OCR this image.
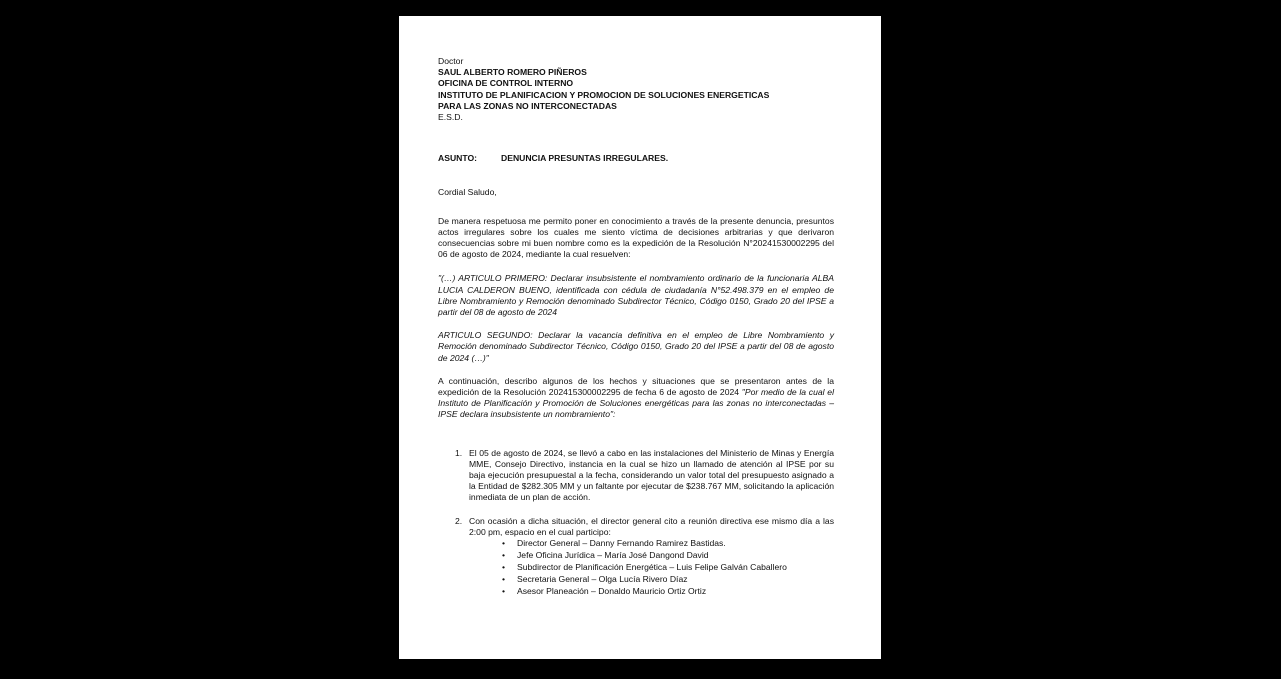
Doctor
SAUL ALBERTO ROMERO PIÑEROS
OFICINA DE CONTROL INTERNO
INSTITUTO DE PLANIFICACION Y PROMOCION DE SOLUCIONES ENERGETICAS
PARA LAS ZONAS NO INTERCONECTADAS
E.S.D.
ASUNTO:	DENUNCIA PRESUNTAS IRREGULARES.
Cordial Saludo,
De manera respetuosa me permito poner en conocimiento a través de la presente denuncia, presuntos actos irregulares sobre los cuales me siento víctima de decisiones arbitrarias y que derivaron consecuencias sobre mi buen nombre como es la expedición de la Resolución N°20241530002295 del 06 de agosto de 2024, mediante la cual resuelven:
"(…) ARTICULO PRIMERO: Declarar insubsistente el nombramiento ordinario de la funcionaria ALBA LUCIA CALDERON BUENO, identificada con cédula de ciudadanía N°52.498.379 en el empleo de Libre Nombramiento y Remoción denominado Subdirector Técnico, Código 0150, Grado 20 del IPSE a partir del 08 de agosto de 2024
ARTICULO SEGUNDO: Declarar la vacancia definitiva en el empleo de Libre Nombramiento y Remoción denominado Subdirector Técnico, Código 0150, Grado 20 del IPSE a partir del 08 de agosto de 2024 (…)"
A continuación, describo algunos de los hechos y situaciones que se presentaron antes de la expedición de la Resolución 202415300002295 de fecha 6 de agosto de 2024 "Por medio de la cual el Instituto de Planificación y Promoción de Soluciones energéticas para las zonas no interconectadas – IPSE declara insubsistente un nombramiento":
1. El 05 de agosto de 2024, se llevó a cabo en las instalaciones del Ministerio de Minas y Energía MME, Consejo Directivo, instancia en la cual se hizo un llamado de atención al IPSE por su baja ejecución presupuestal a la fecha, considerando un valor total del presupuesto asignado a la Entidad de $282.305 MM y un faltante por ejecutar de $238.767 MM, solicitando la aplicación inmediata de un plan de acción.
2. Con ocasión a dicha situación, el director general cito a reunión directiva ese mismo día a las 2:00 pm, espacio en el cual participo:
• Director General – Danny Fernando Ramirez Bastidas.
• Jefe Oficina Jurídica – María José Dangond David
• Subdirector de Planificación Energética – Luis Felipe Galván Caballero
• Secretaria General – Olga Lucía Rivero Díaz
• Asesor Planeación – Donaldo Mauricio Ortiz Ortiz
